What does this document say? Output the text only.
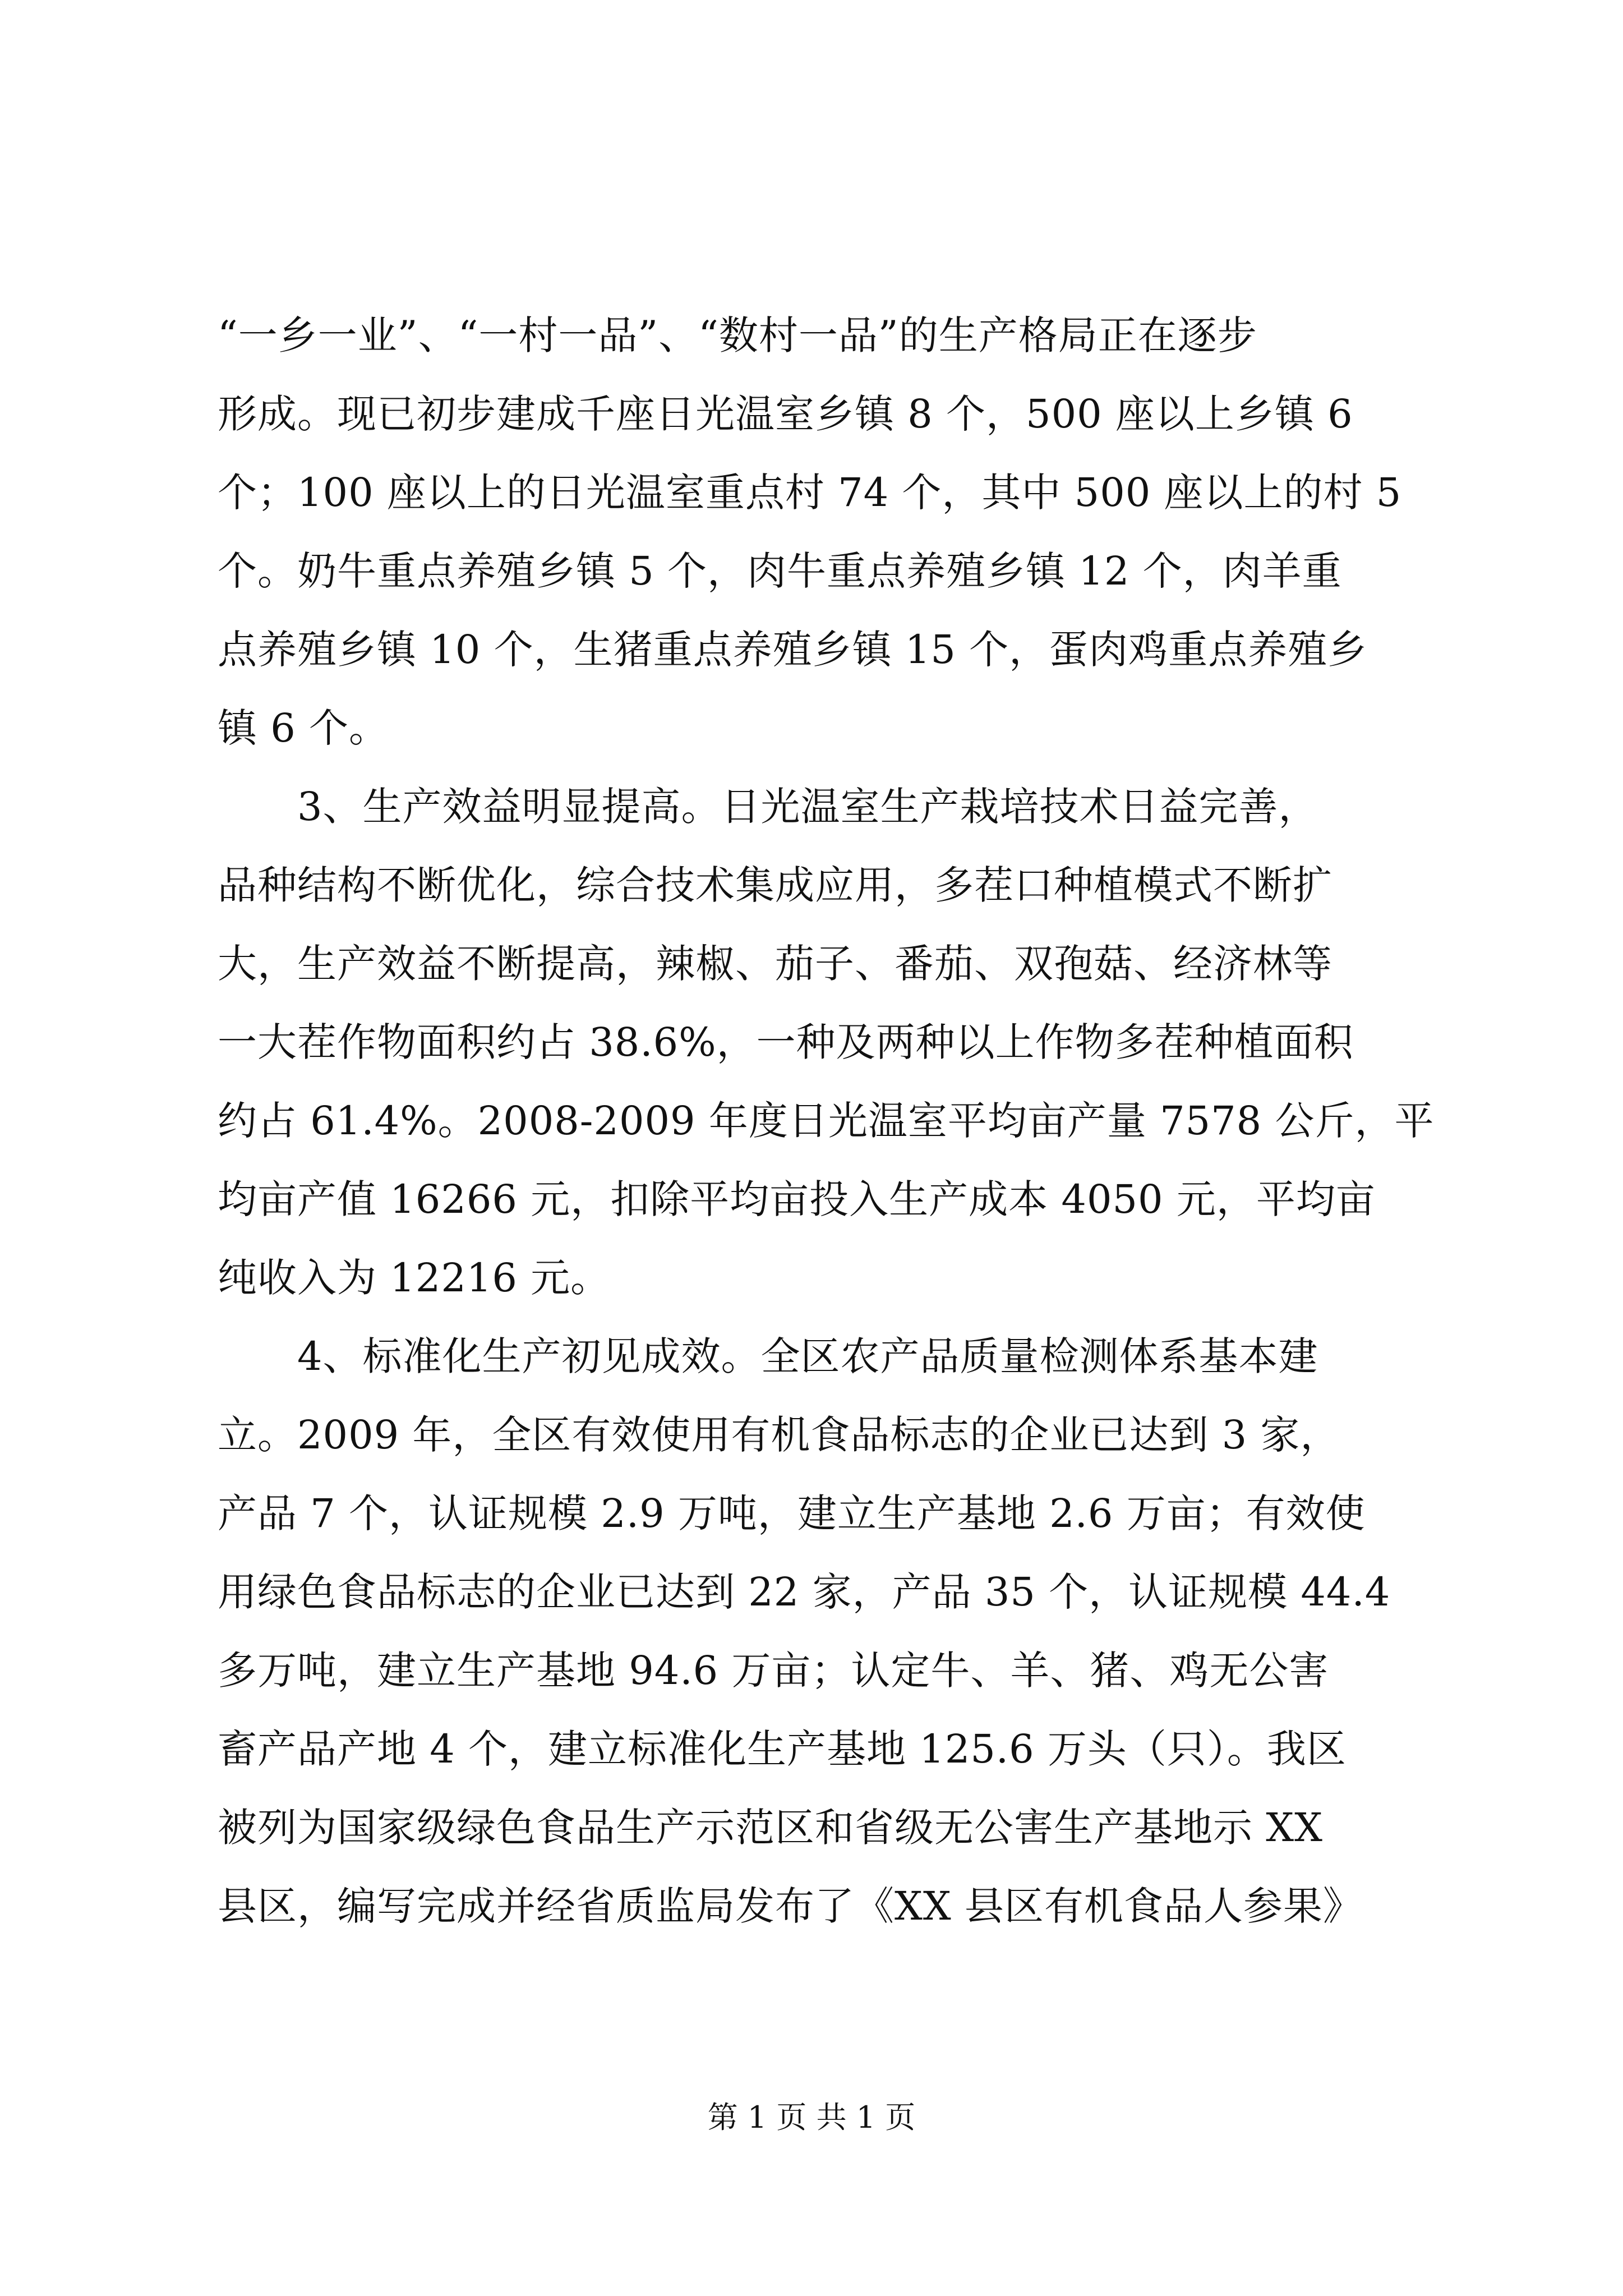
“一乡一业”、“一村一品”、“数村一品”的生产格局正在逐步
形成。现已初步建成千座日光温室乡镇 8 个，500 座以上乡镇 6
个；100 座以上的日光温室重点村 74 个，其中 500 座以上的村 5
个。奶牛重点养殖乡镇 5 个，肉牛重点养殖乡镇 12 个，肉羊重
点养殖乡镇 10 个，生猪重点养殖乡镇 15 个，蛋肉鸡重点养殖乡
镇 6 个。
　　3、生产效益明显提高。日光温室生产栽培技术日益完善，
品种结构不断优化，综合技术集成应用，多茬口种植模式不断扩
大，生产效益不断提高，辣椒、茄子、番茄、双孢菇、经济林等
一大茬作物面积约占 38.6%，一种及两种以上作物多茬种植面积
约占 61.4%。2008-2009 年度日光温室平均亩产量 7578 公斤，平
均亩产值 16266 元，扣除平均亩投入生产成本 4050 元，平均亩
纯收入为 12216 元。
　　4、标准化生产初见成效。全区农产品质量检测体系基本建
立。2009 年，全区有效使用有机食品标志的企业已达到 3 家，
产品 7 个，认证规模 2.9 万吨，建立生产基地 2.6 万亩；有效使
用绿色食品标志的企业已达到 22 家，产品 35 个，认证规模 44.4
多万吨，建立生产基地 94.6 万亩；认定牛、羊、猪、鸡无公害
畜产品产地 4 个，建立标准化生产基地 125.6 万头（只）。我区
被列为国家级绿色食品生产示范区和省级无公害生产基地示 XX
县区，编写完成并经省质监局发布了《XX 县区有机食品人参果》
第 1 页 共 1 页
